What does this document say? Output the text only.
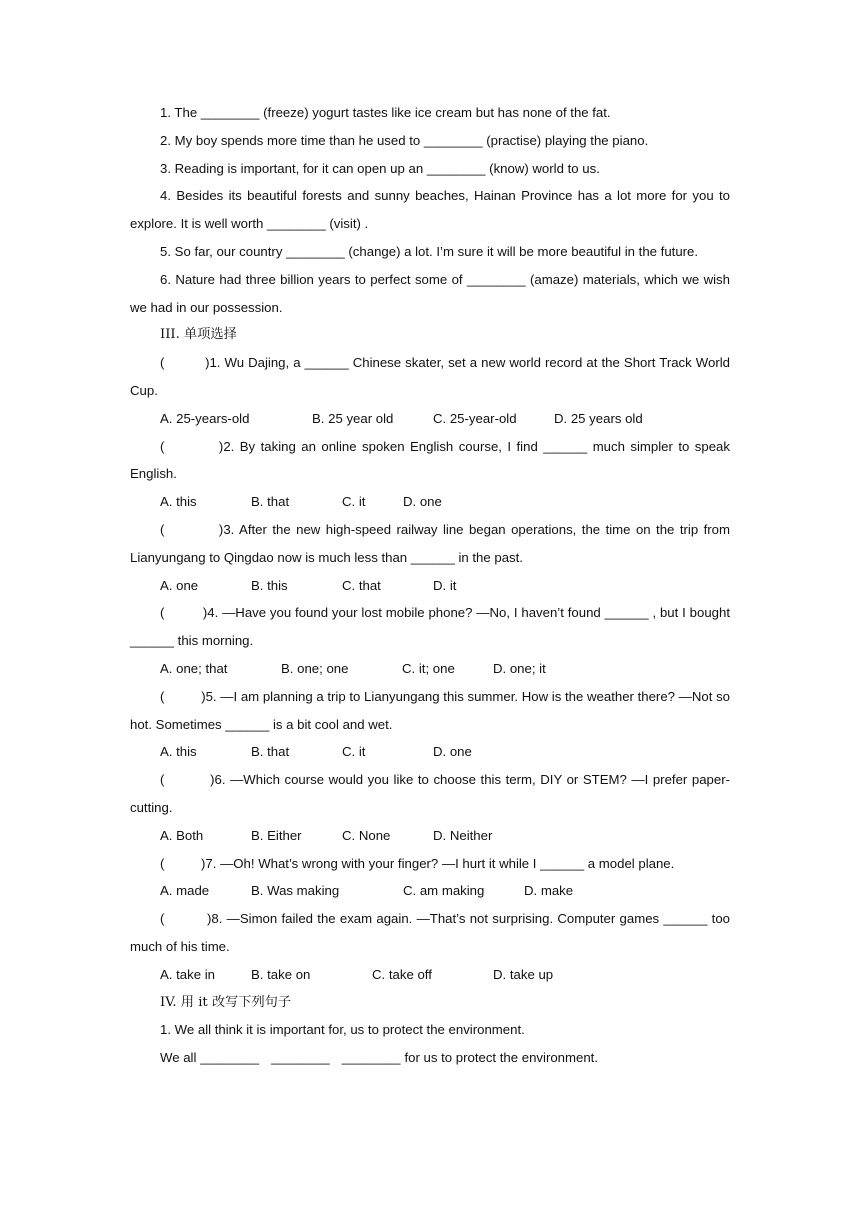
1. The ________ (freeze) yogurt tastes like ice cream but has none of the fat.

2. My boy spends more time than he used to ________ (practise) playing the piano.

3. Reading is important, for it can open up an ________ (know) world to us.

4. Besides its beautiful forests and sunny beaches, Hainan Province has a lot more for you to explore. It is well worth ________ (visit) .

5. So far, our country ________ (change) a lot. I’m sure it will be more beautiful in the future.

6. Nature had three billion years to perfect some of ________ (amaze) materials, which we wish we had in our possession.

III. 单项选择

(          )1. Wu Dajing, a ______ Chinese skater, set a new world record at the Short Track World Cup.

A. 25-years-old	B. 25 year old	C. 25-year-old	D. 25 years old

(          )2. By taking an online spoken English course, I find ______ much simpler to speak English.

A. this	B. that	C. it	D. one

(          )3. After the new high-speed railway line began operations, the time on the trip from Lianyungang to Qingdao now is much less than ______ in the past.

A. one	B. this	C. that	D. it

(          )4. —Have you found your lost mobile phone? —No, I haven’t found ______ , but I bought ______ this morning.

A. one; that	B. one; one	C. it; one	D. one; it

(          )5. —I am planning a trip to Lianyungang this summer. How is the weather there? —Not so hot. Sometimes ______ is a bit cool and wet.

A. this	B. that	C. it	D. one

(          )6. —Which course would you like to choose this term, DIY or STEM? —I prefer paper-cutting.

A. Both	B. Either	C. None	D. Neither

(          )7. —Oh! What’s wrong with your finger? —I hurt it while I ______ a model plane.

A. made	B. Was making	C. am making	D. make

(          )8. —Simon failed the exam again. —That’s not surprising. Computer games ______ too much of his time.

A. take in	B. take on	C. take off	D. take up

IV. 用 it 改写下列句子

1. We all think it is important for, us to protect the environment.

We all ________ ________ ________ for us to protect the environment.
